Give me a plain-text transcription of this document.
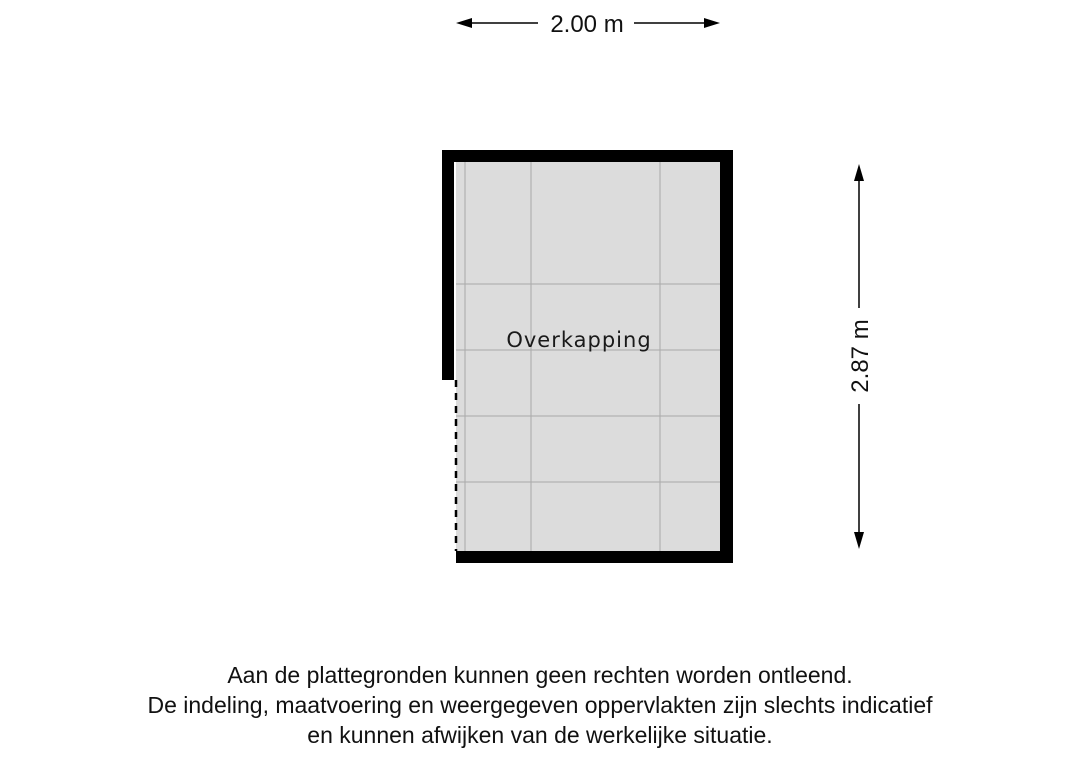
Overkapping
2.00 m
2.87 m
Aan de plattegronden kunnen geen rechten worden ontleend.
De indeling, maatvoering en weergegeven oppervlakten zijn slechts indicatief
en kunnen afwijken van de werkelijke situatie.
